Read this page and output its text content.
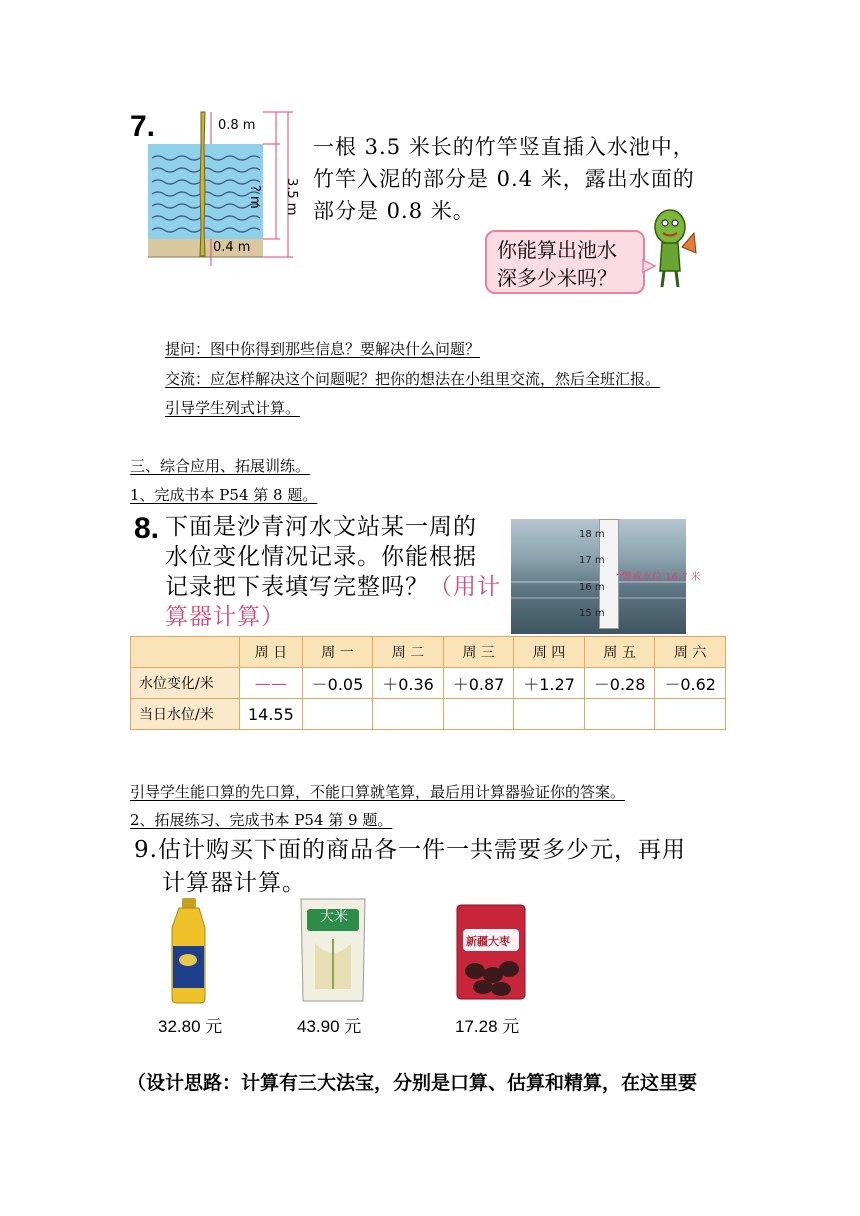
7.	0.8 m
0.4 m
? m 3.5 m
一根 3.5 米长的竹竿竖直插入水池中，
竹竿入泥的部分是 0.4 米，露出水面的
部分是 0.8 米。
你能算出池水
深多少米吗？
提问：图中你得到那些信息？要解决什么问题？
交流：应怎样解决这个问题呢？把你的想法在小组里交流，然后全班汇报。
引导学生列式计算。
三、综合应用、拓展训练。
1、完成书本 P54 第 8 题。
8. 下面是沙青河水文站某一周的
水位变化情况记录。你能根据
记录把下表填写完整吗？（用计
算器计算）
18 m
17 m
16 m
15 m
警戒水位 16.7 米
	周 日	周 一	周 二	周 三	周 四	周 五	周 六
水位变化/米	——	－0.05	＋0.36	＋0.87	＋1.27	－0.28	－0.62
当日水位/米	14.55						
引导学生能口算的先口算，不能口算就笔算，最后用计算器验证你的答案。
2、拓展练习、完成书本 P54 第 9 题。
9.估计购买下面的商品各一件一共需要多少元，再用
计算器计算。
大米
新疆大枣
32.80 元	43.90 元	17.28 元
（设计思路：计算有三大法宝，分别是口算、估算和精算，在这里要
